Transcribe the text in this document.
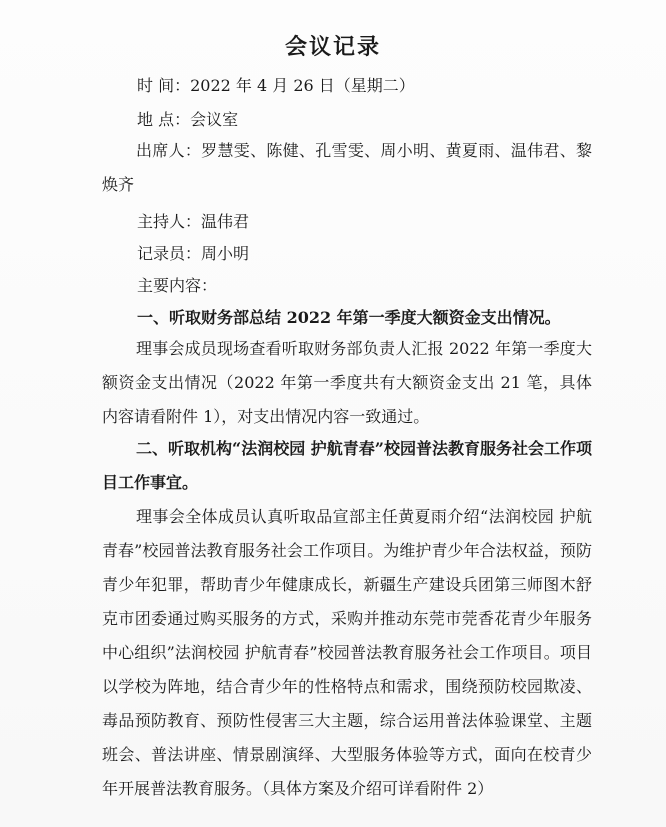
会议记录
时 间：2022 年 4 月 26 日（星期二）
地 点：会议室

出席人：罗慧雯、陈健、孔雪雯、周小明、黄夏雨、温伟君、黎焕齐

主持人：温伟君
记录员：周小明
主要内容：
一、听取财务部总结 2022 年第一季度大额资金支出情况。

理事会成员现场查看听取财务部负责人汇报 2022 年第一季度大额资金支出情况（2022 年第一季度共有大额资金支出 21 笔，具体内容请看附件 1），对支出情况内容一致通过。

二、听取机构“法润校园 护航青春”校园普法教育服务社会工作项目工作事宜。

理事会全体成员认真听取品宣部主任黄夏雨介绍“法润校园 护航青春”校园普法教育服务社会工作项目。为维护青少年合法权益，预防青少年犯罪，帮助青少年健康成长，新疆生产建设兵团第三师图木舒克市团委通过购买服务的方式，采购并推动东莞市莞香花青少年服务中心组织”法润校园 护航青春”校园普法教育服务社会工作项目。项目以学校为阵地，结合青少年的性格特点和需求，围绕预防校园欺凌、毒品预防教育、预防性侵害三大主题，综合运用普法体验课堂、主题班会、普法讲座、情景剧演绎、大型服务体验等方式，面向在校青少年开展普法教育服务。（具体方案及介绍可详看附件 2）
